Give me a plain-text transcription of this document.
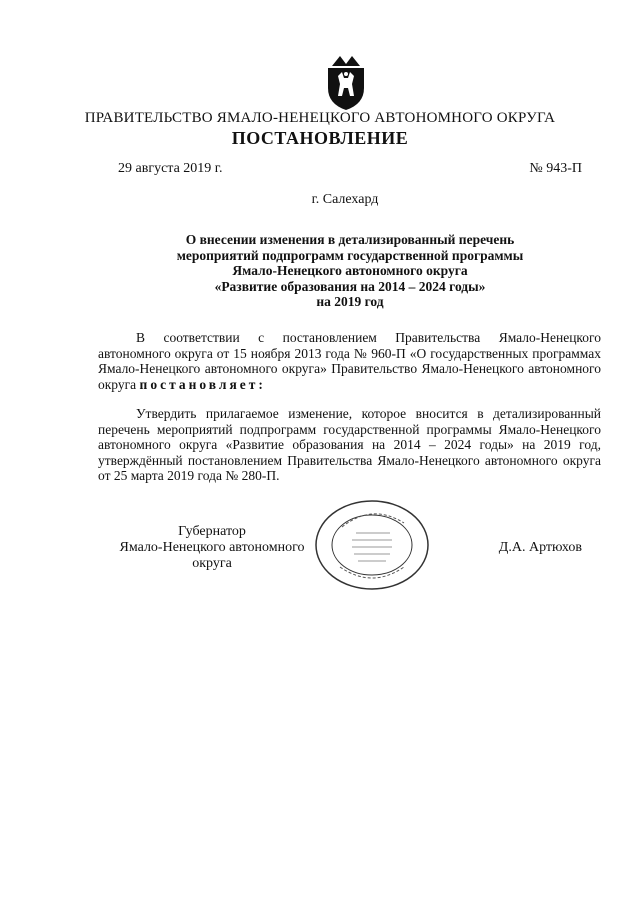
ПРАВИТЕЛЬСТВО ЯМАЛО-НЕНЕЦКОГО АВТОНОМНОГО ОКРУГА
ПОСТАНОВЛЕНИЕ
29 августа 2019 г.	№ 943-П
г. Салехард
О внесении изменения в детализированный перечень
мероприятий подпрограмм государственной программы
Ямало-Ненецкого автономного округа
«Развитие образования на 2014 – 2024 годы»
на 2019 год

В соответствии с постановлением Правительства Ямало-Ненецкого автономного округа от 15 ноября 2013 года № 960-П «О государственных программах Ямало-Ненецкого автономного округа» Правительство Ямало-Ненецкого автономного округа постановляет:

Утвердить прилагаемое изменение, которое вносится в детализированный перечень мероприятий подпрограмм государственной программы Ямало-Ненецкого автономного округа «Развитие образования на 2014 – 2024 годы» на 2019 год, утверждённый постановлением Правительства Ямало-Ненецкого автономного округа от 25 марта 2019 года № 280-П.

Губернатор
Ямало-Ненецкого автономного округа
Д.А. Артюхов
